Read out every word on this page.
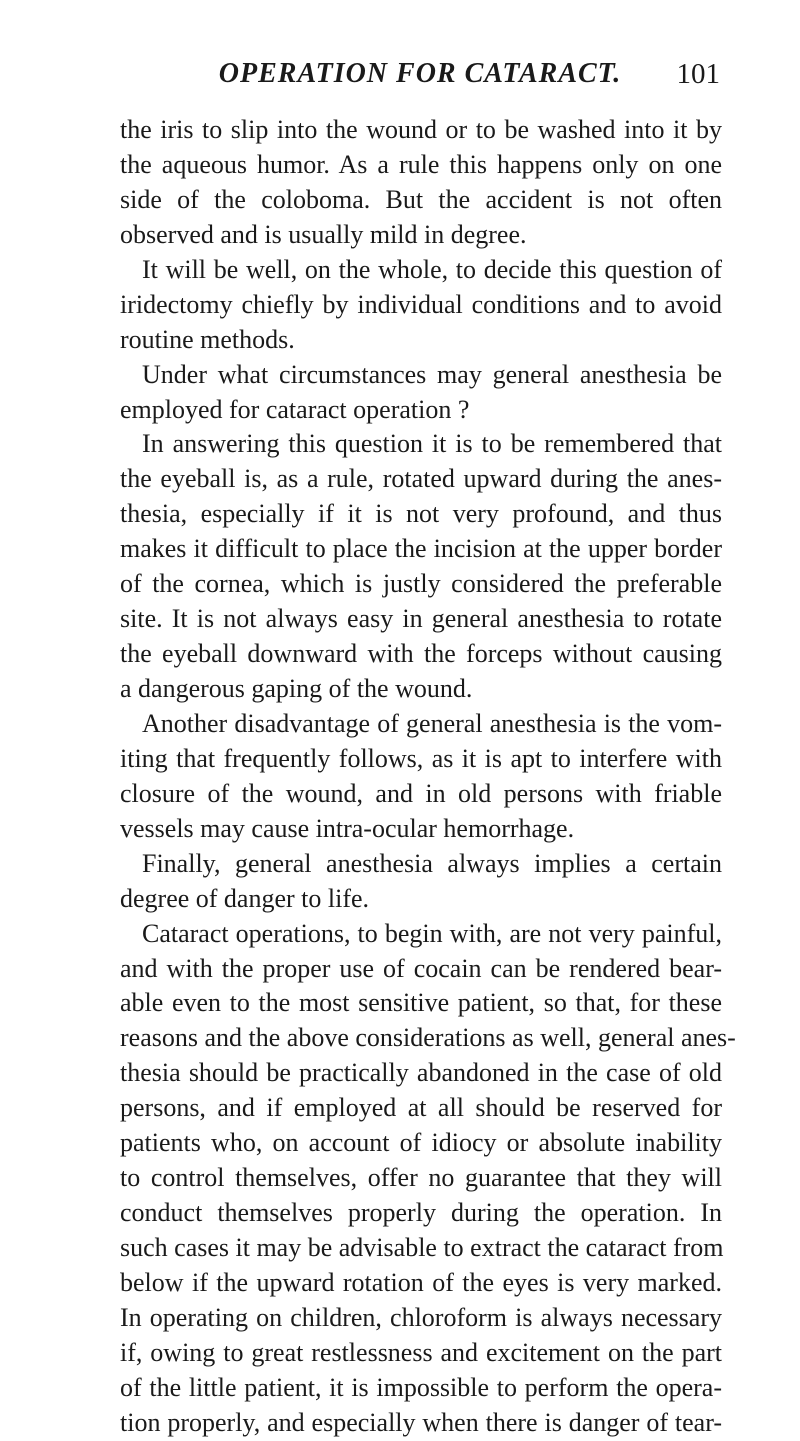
OPERATION FOR CATARACT.	101
the iris to slip into the wound or to be washed into it by
the aqueous humor. As a rule this happens only on one
side of the coloboma. But the accident is not often
observed and is usually mild in degree.
It will be well, on the whole, to decide this question of
iridectomy chiefly by individual conditions and to avoid
routine methods.
Under what circumstances may general anesthesia be
employed for cataract operation ?
In answering this question it is to be remembered that
the eyeball is, as a rule, rotated upward during the anes-
thesia, especially if it is not very profound, and thus
makes it difficult to place the incision at the upper border
of the cornea, which is justly considered the preferable
site. It is not always easy in general anesthesia to rotate
the eyeball downward with the forceps without causing
a dangerous gaping of the wound.
Another disadvantage of general anesthesia is the vom-
iting that frequently follows, as it is apt to interfere with
closure of the wound, and in old persons with friable
vessels may cause intra-ocular hemorrhage.
Finally, general anesthesia always implies a certain
degree of danger to life.
Cataract operations, to begin with, are not very painful,
and with the proper use of cocain can be rendered bear-
able even to the most sensitive patient, so that, for these
reasons and the above considerations as well, general anes-
thesia should be practically abandoned in the case of old
persons, and if employed at all should be reserved for
patients who, on account of idiocy or absolute inability
to control themselves, offer no guarantee that they will
conduct themselves properly during the operation. In
such cases it may be advisable to extract the cataract from
below if the upward rotation of the eyes is very marked.
In operating on children, chloroform is always necessary
if, owing to great restlessness and excitement on the part
of the little patient, it is impossible to perform the opera-
tion properly, and especially when there is danger of tear-
